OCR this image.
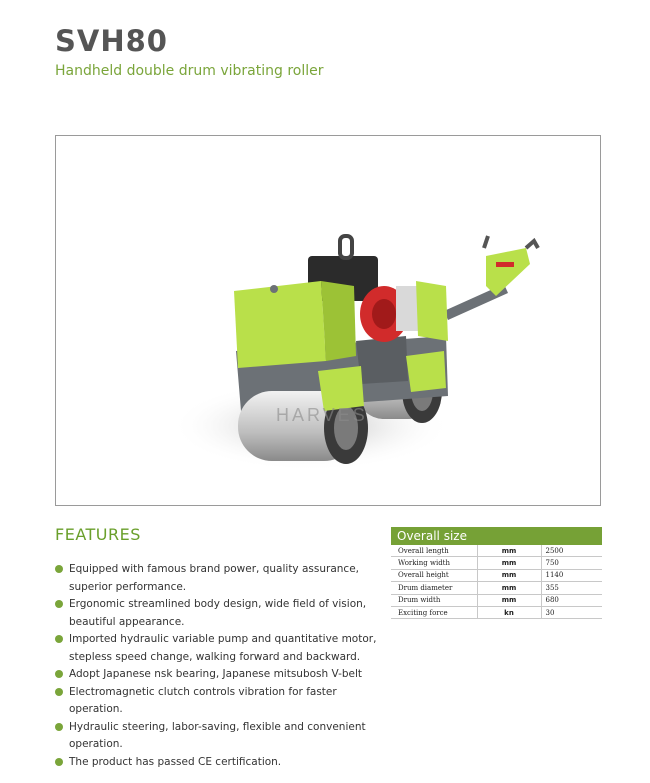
SVH80
Handheld double drum vibrating roller
HARVES
FEATURES
Equipped with famous brand power, quality assurance, superior performance.
Ergonomic streamlined body design, wide field of vision, beautiful appearance.
Imported hydraulic variable pump and quantitative motor, stepless speed change, walking forward and backward.
Adopt Japanese nsk bearing, Japanese mitsubosh V-belt
Electromagnetic clutch controls vibration for faster operation.
Hydraulic steering, labor-saving, flexible and convenient operation.
The product has passed CE certification.
Overall size
Overall length	mm	2500
Working width	mm	750
Overall height	mm	1140
Drum diameter	mm	355
Drum width	mm	680
Exciting force	kn	30
